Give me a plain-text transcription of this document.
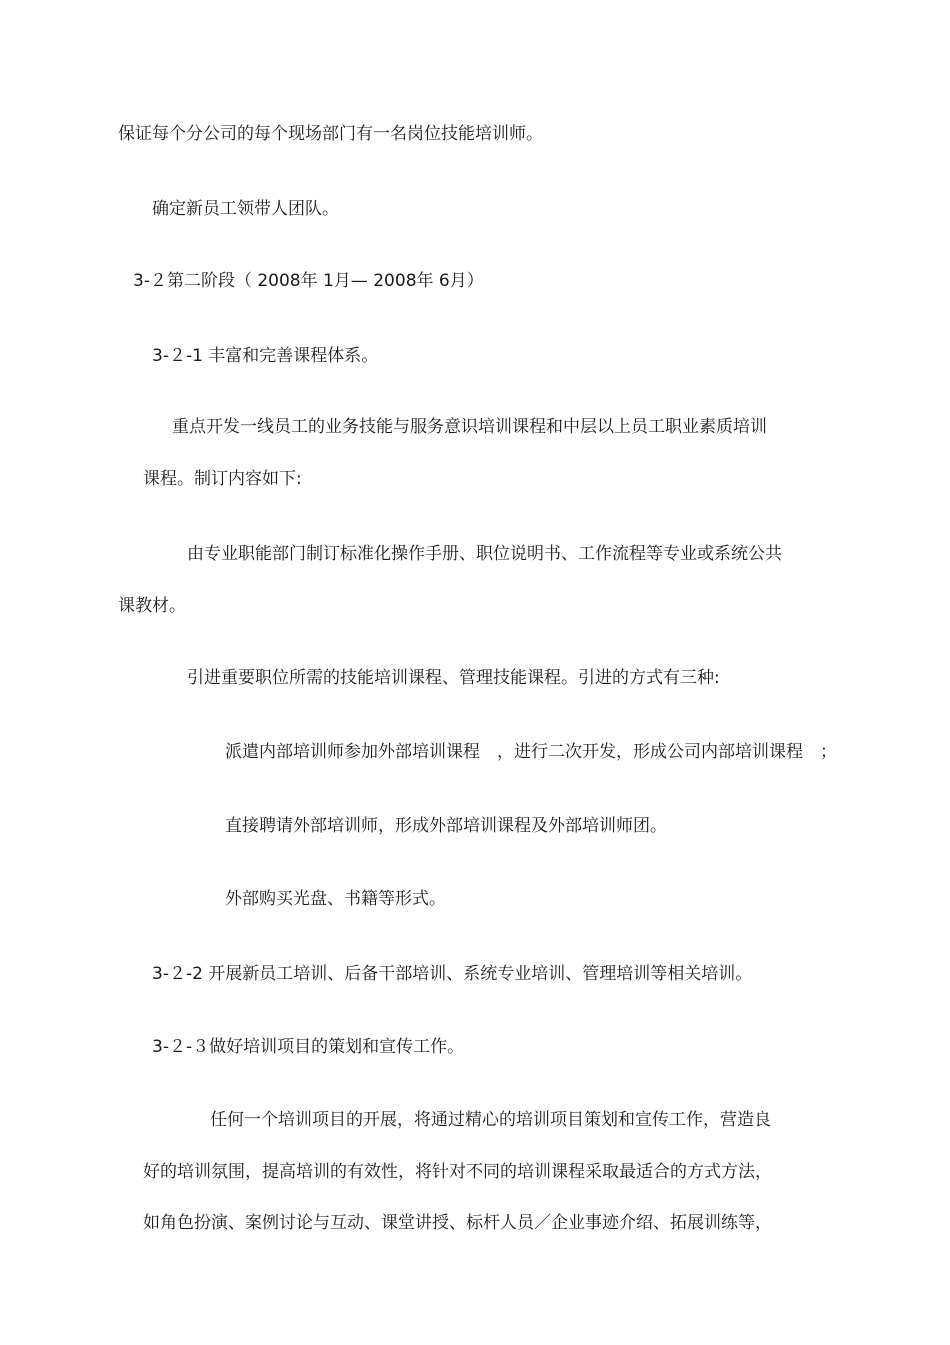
保证每个分公司的每个现场部门有一名岗位技能培训师。

确定新员工领带人团队。

3-２第二阶段（ 2008年 1月— 2008年 6月）

3-２-1 丰富和完善课程体系。

重点开发一线员工的业务技能与服务意识培训课程和中层以上员工职业素质培训

课程。制订内容如下:

由专业职能部门制订标准化操作手册、职位说明书、工作流程等专业或系统公共

课教材。

引进重要职位所需的技能培训课程、管理技能课程。引进的方式有三种:

派遣内部培训师参加外部培训课程　，进行二次开发，形成公司内部培训课程　；

直接聘请外部培训师，形成外部培训课程及外部培训师团。

外部购买光盘、书籍等形式。

3-２-2 开展新员工培训、后备干部培训、系统专业培训、管理培训等相关培训。

3-２-３做好培训项目的策划和宣传工作。

任何一个培训项目的开展，将通过精心的培训项目策划和宣传工作，营造良

好的培训氛围，提高培训的有效性，将针对不同的培训课程采取最适合的方式方法，

如角色扮演、案例讨论与互动、课堂讲授、标杆人员／企业事迹介绍、拓展训练等，
